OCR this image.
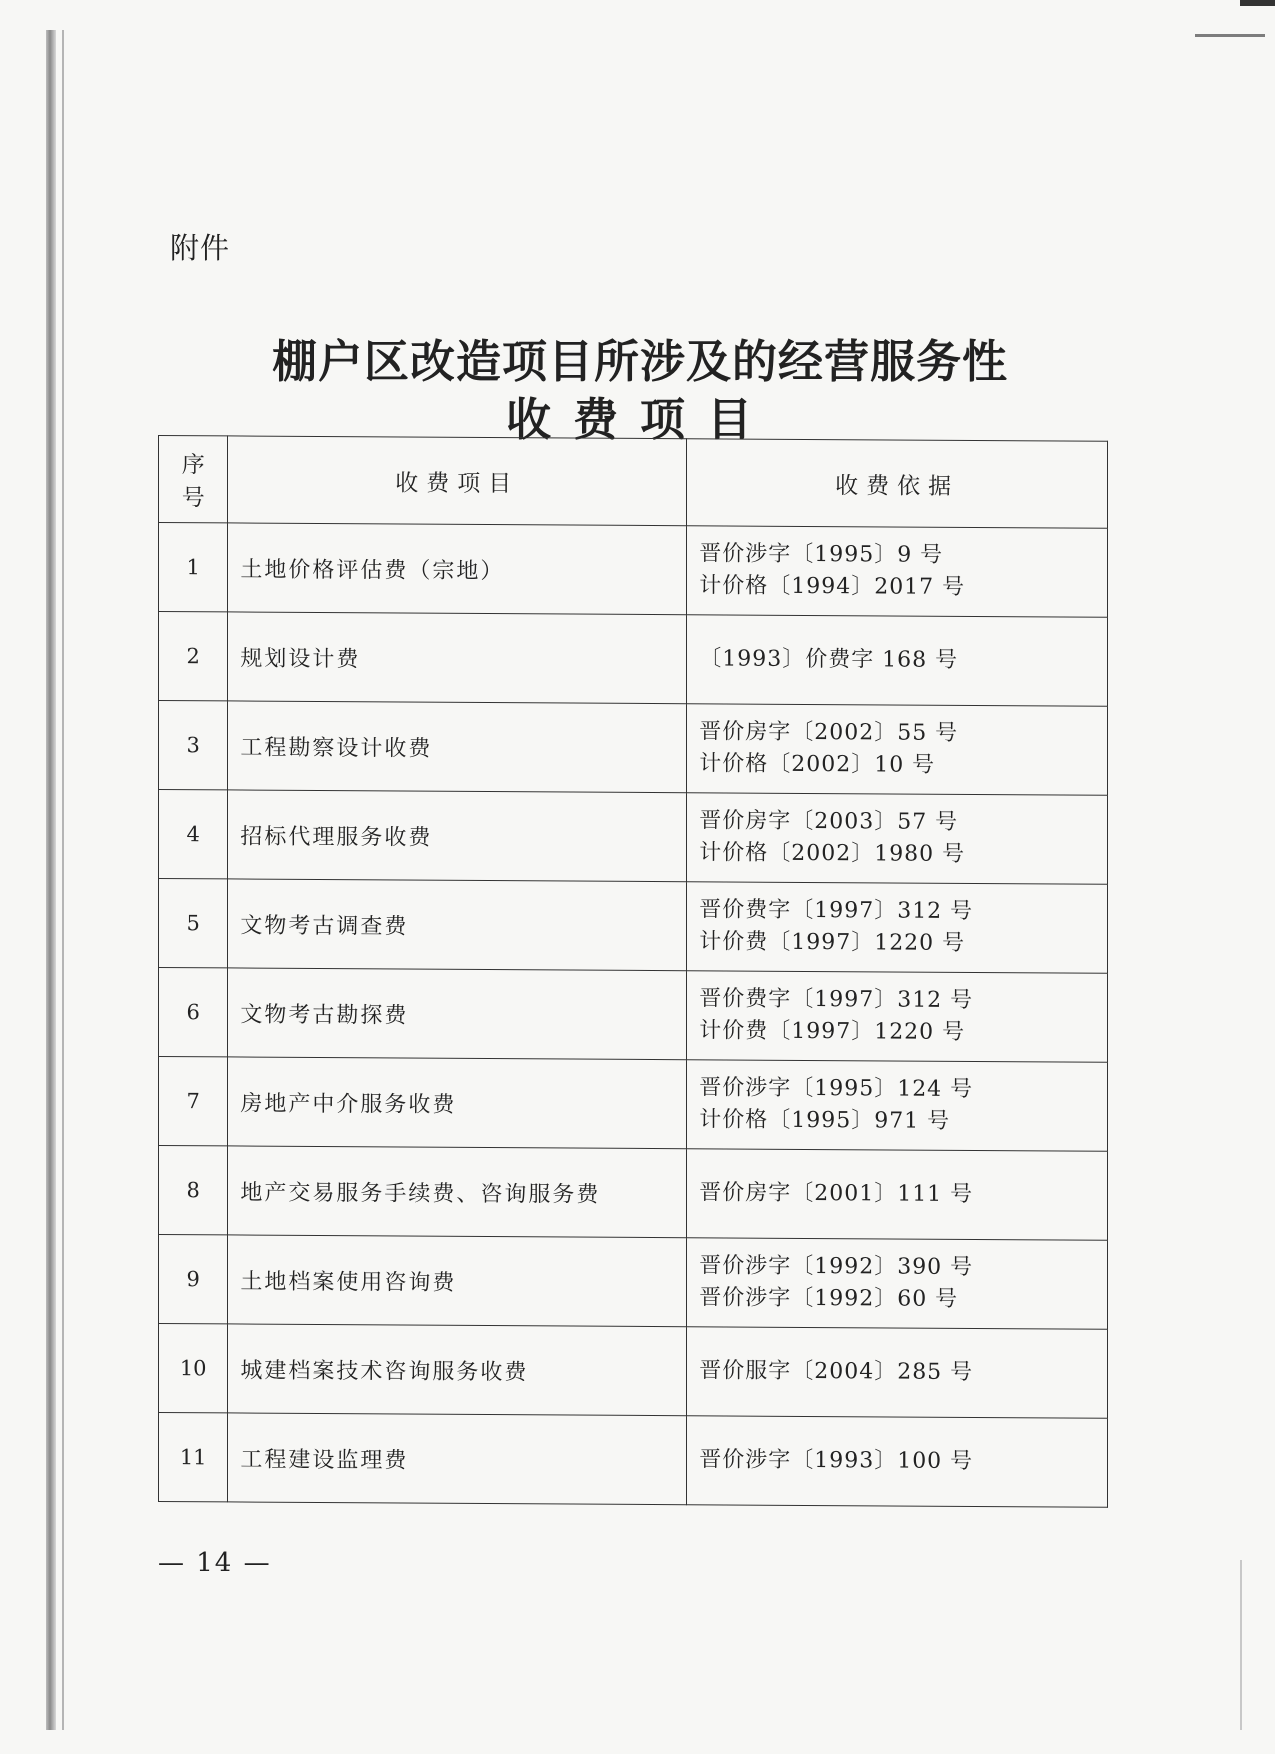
附件
棚户区改造项目所涉及的经营服务性
收费项目
序号	收费项目	收费依据
1	土地价格评估费（宗地）	晋价涉字〔1995〕9 号
计价格〔1994〕2017 号

2	规划设计费	〔1993〕价费字 168 号

3	工程勘察设计收费	晋价房字〔2002〕55 号
计价格〔2002〕10 号

4	招标代理服务收费	晋价房字〔2003〕57 号
计价格〔2002〕1980 号

5	文物考古调查费	晋价费字〔1997〕312 号
计价费〔1997〕1220 号

6	文物考古勘探费	晋价费字〔1997〕312 号
计价费〔1997〕1220 号

7	房地产中介服务收费	晋价涉字〔1995〕124 号
计价格〔1995〕971 号

8	地产交易服务手续费、咨询服务费	晋价房字〔2001〕111 号

9	土地档案使用咨询费	晋价涉字〔1992〕390 号
晋价涉字〔1992〕60 号

10	城建档案技术咨询服务收费	晋价服字〔2004〕285 号

11	工程建设监理费	晋价涉字〔1993〕100 号
— 14 —
